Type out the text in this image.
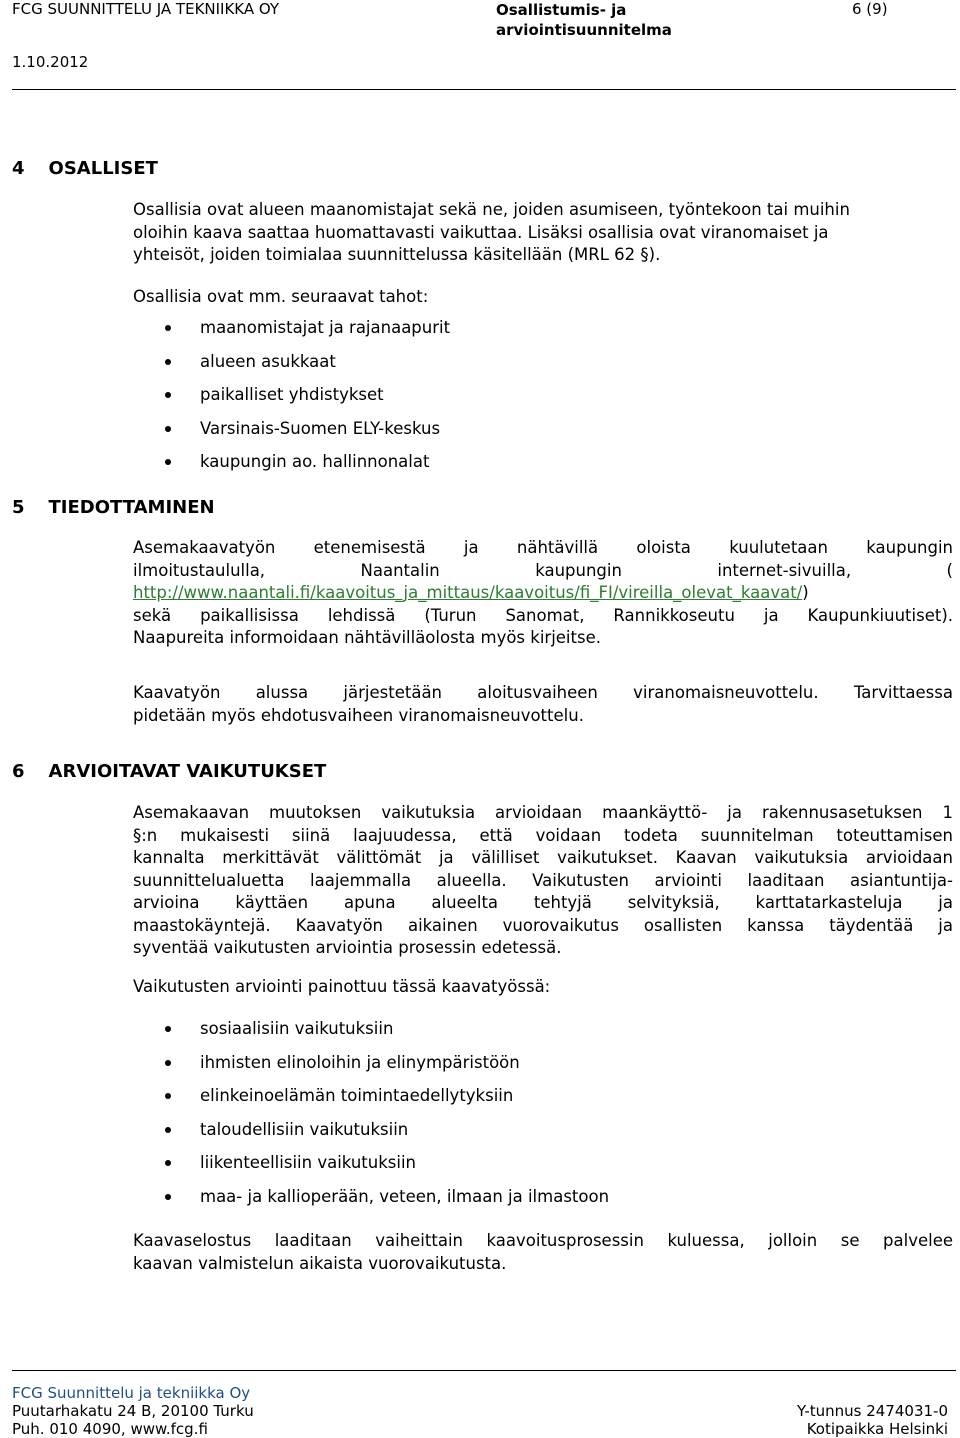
FCG SUUNNITTELU JA TEKNIIKKA OY	Osallistumis- ja
arviointisuunnitelma
6 (9)
1.10.2012
4 OSALLISET
Osallisia ovat alueen maanomistajat sekä ne, joiden asumiseen, työntekoon tai muihin
oloihin kaava saattaa huomattavasti vaikuttaa. Lisäksi osallisia ovat viranomaiset ja
yhteisöt, joiden toimialaa suunnittelussa käsitellään (MRL 62 §).
Osallisia ovat mm. seuraavat tahot:
maanomistajat ja rajanaapurit
alueen asukkaat
paikalliset yhdistykset
Varsinais-Suomen ELY-keskus
kaupungin ao. hallinnonalat
5 TIEDOTTAMINEN
Asemakaavatyön etenemisestä ja nähtävillä oloista kuulutetaan kaupungin
ilmoitustaululla, Naantalin kaupungin internet-sivuilla, (
http://www.naantali.fi/kaavoitus_ja_mittaus/kaavoitus/fi_FI/vireilla_olevat_kaavat/)
sekä paikallisissa lehdissä (Turun Sanomat, Rannikkoseutu ja Kaupunkiuutiset).
Naapureita informoidaan nähtävilläolosta myös kirjeitse.
Kaavatyön alussa järjestetään aloitusvaiheen viranomaisneuvottelu. Tarvittaessa
pidetään myös ehdotusvaiheen viranomaisneuvottelu.
6 ARVIOITAVAT VAIKUTUKSET
Asemakaavan muutoksen vaikutuksia arvioidaan maankäyttö- ja rakennusasetuksen 1
§:n mukaisesti siinä laajuudessa, että voidaan todeta suunnitelman toteuttamisen
kannalta merkittävät välittömät ja välilliset vaikutukset. Kaavan vaikutuksia arvioidaan
suunnittelualuetta laajemmalla alueella. Vaikutusten arviointi laaditaan asiantuntija-
arvioina käyttäen apuna alueelta tehtyjä selvityksiä, karttatarkasteluja ja
maastokäyntejä. Kaavatyön aikainen vuorovaikutus osallisten kanssa täydentää ja
syventää vaikutusten arviointia prosessin edetessä.
Vaikutusten arviointi painottuu tässä kaavatyössä:
sosiaalisiin vaikutuksiin
ihmisten elinoloihin ja elinympäristöön
elinkeinoelämän toimintaedellytyksiin
taloudellisiin vaikutuksiin
liikenteellisiin vaikutuksiin
maa- ja kallioperään, veteen, ilmaan ja ilmastoon
Kaavaselostus laaditaan vaiheittain kaavoitusprosessin kuluessa, jolloin se palvelee
kaavan valmistelun aikaista vuorovaikutusta.
FCG Suunnittelu ja tekniikka Oy
Puutarhakatu 24 B, 20100 Turku
Puh. 010 4090, www.fcg.fi
Y-tunnus 2474031-0
Kotipaikka Helsinki
